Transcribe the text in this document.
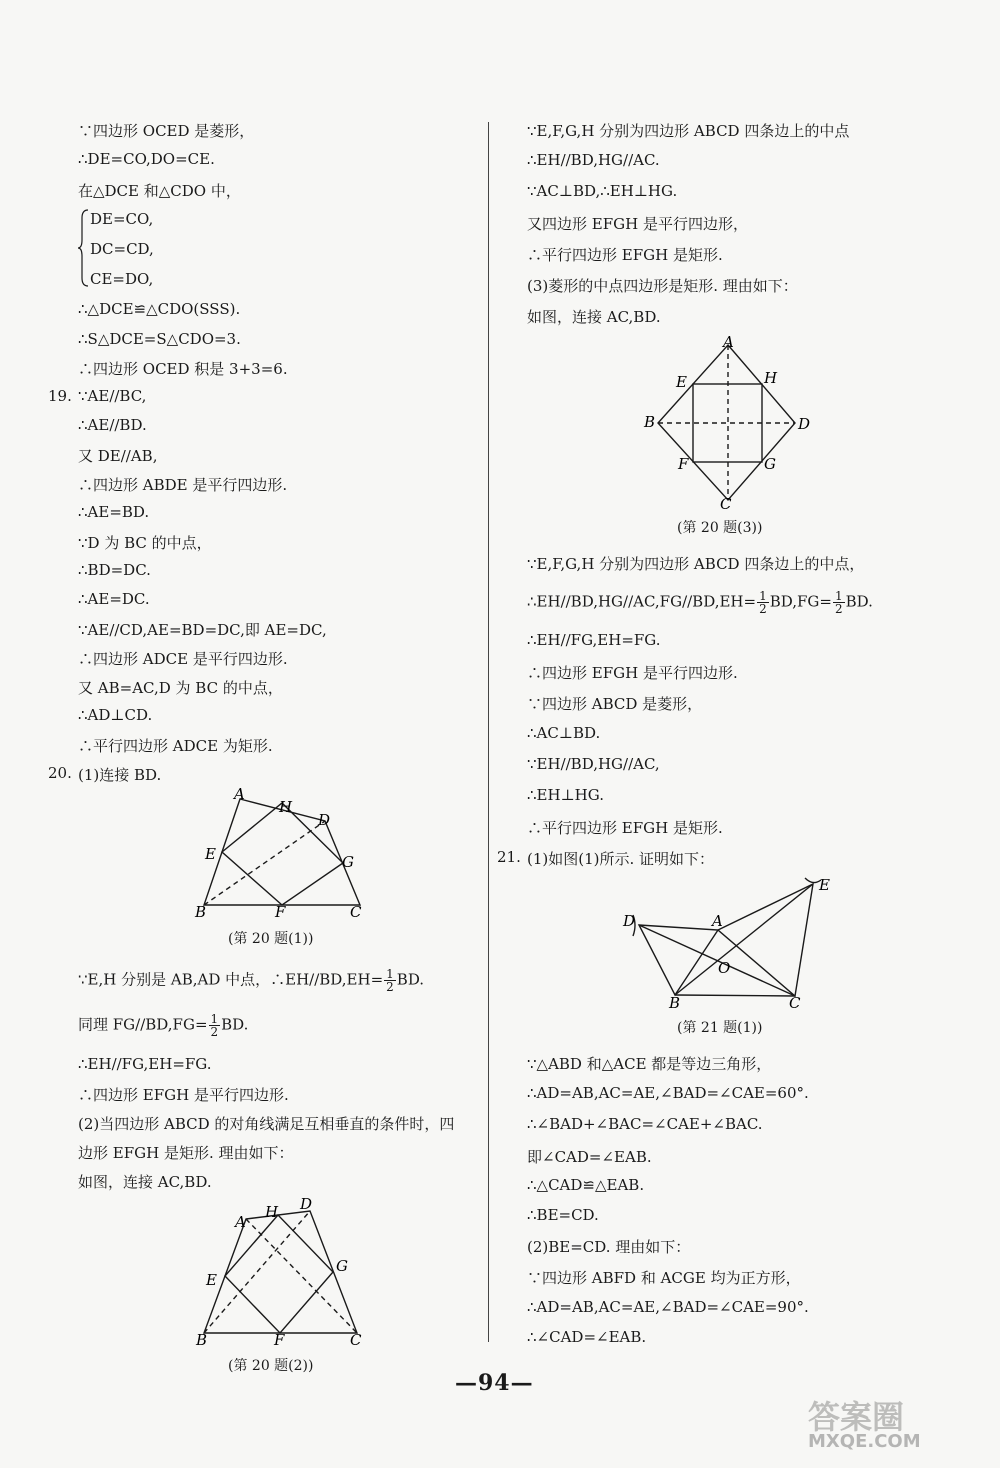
∵四边形 OCED 是菱形，
∴DE=CO,DO=CE.
在△DCE 和△CDO 中，
DE=CO,
DC=CD,
CE=DO,
∴△DCE≌△CDO(SSS).
∴S△DCE=S△CDO=3.
∴四边形 OCED 积是 3+3=6.
19. ∵AE//BC,
∴AE//BD.
又 DE//AB,
∴四边形 ABDE 是平行四边形.
∴AE=BD.
∵D 为 BC 的中点，
∴BD=DC.
∴AE=DC.
∵AE//CD,AE=BD=DC,即 AE=DC,
∴四边形 ADCE 是平行四边形.
又 AB=AC,D 为 BC 的中点，
∴AD⊥CD.
∴平行四边形 ADCE 为矩形.
20. (1)连接 BD.
(第 20 题(1))
∵E,H 分别是 AB,AD 中点，∴EH//BD,EH= $\frac{1}{2}$ BD.
同理 $FG//BD,FG= \frac{1}{2}$ BD.
∴EH//FG,EH=FG.
∴四边形 EFGH 是平行四边形.
(2)当四边形 ABCD 的对角线满足互相垂直的条件时，四
边形 EFGH 是矩形. 理由如下：
如图，连接 AC,BD.
(第 20 题(2))
A
H
D
E	G
B	F	C
A
H D
E
G
B	F	C
∵E,F,G,H 分别为四边形 ABCD 四条边上的中点
∴EH//BD,HG//AC.
∵AC⊥BD,∴EH⊥HG.
又四边形 EFGH 是平行四边形，
∴平行四边形 EFGH 是矩形.
(3)菱形的中点四边形是矩形. 理由如下：
如图，连接 AC,BD.
(第 20 题(3))
∵E,F,G,H 分别为四边形 ABCD 四条边上的中点，
∴EH//BD,HG//AC,FG//BD,EH= $\frac{1}{2} BD,FG= \frac{1}{2}$ BD.
∴EH//FG,EH=FG.
∴四边形 EFGH 是平行四边形.
∵四边形 ABCD 是菱形，
∴AC⊥BD.
∵EH//BD,HG//AC,
∴EH⊥HG.
∴平行四边形 EFGH 是矩形.
21. (1)如图(1)所示. 证明如下：
(第 21 题(1))
∵△ABD 和△ACE 都是等边三角形，
∴AD=AB,AC=AE,∠BAD=∠CAE=60°.
∴∠BAD+∠BAC=∠CAE+∠BAC.
即∠CAD=∠EAB.
∴△CAD≌△EAB.
∴BE=CD.
(2)BE=CD. 理由如下：
∵四边形 ABFD 和 ACGE 均为正方形，
∴AD=AB,AC=AE,∠BAD=∠CAE=90°.
∴∠CAD=∠EAB.
A
E	H
B	D
F	G
C
D	A
E
O
B	C
—94—
答案圈
MXQE.COM
